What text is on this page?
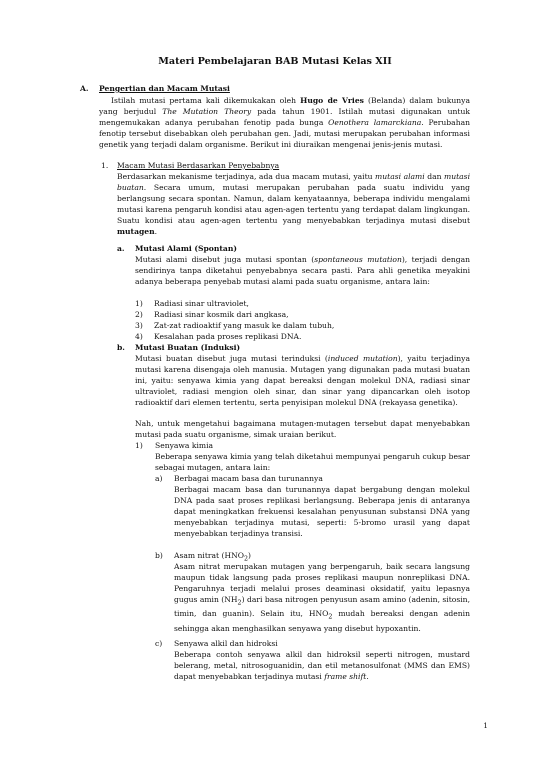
Materi Pembelajaran BAB Mutasi Kelas XII
A. Pengertian dan Macam Mutasi

Istilah mutasi pertama kali dikemukakan oleh Hugo de Vries (Belanda) dalam bukunya yang berjudul The Mutation Theory pada tahun 1901. Istilah mutasi digunakan untuk mengemukakan adanya perubahan fenotip pada bunga Oenothera lamarckiana. Perubahan fenotip tersebut disebabkan oleh perubahan gen. Jadi, mutasi merupakan perubahan informasi genetik yang terjadi dalam organisme. Berikut ini diuraikan mengenai jenis-jenis mutasi.

1. Macam Mutasi Berdasarkan Penyebabnya

Berdasarkan mekanisme terjadinya, ada dua macam mutasi, yaitu mutasi alami dan mutasi buatan. Secara umum, mutasi merupakan perubahan pada suatu individu yang berlangsung secara spontan. Namun, dalam kenyataannya, beberapa individu mengalami mutasi karena pengaruh kondisi atau agen-agen tertentu yang terdapat dalam lingkungan. Suatu kondisi atau agen-agen tertentu yang menyebabkan terjadinya mutasi disebut mutagen.

a. Mutasi Alami (Spontan)

Mutasi alami disebut juga mutasi spontan (spontaneous mutation), terjadi dengan sendirinya tanpa diketahui penyebabnya secara pasti. Para ahli genetika meyakini adanya beberapa penyebab mutasi alami pada suatu organisme, antara lain:

1) Radiasi sinar ultraviolet,
2) Radiasi sinar kosmik dari angkasa,
3) Zat-zat radioaktif yang masuk ke dalam tubuh,
4) Kesalahan pada proses replikasi DNA.
b. Mutasi Buatan (Induksi)

Mutasi buatan disebut juga mutasi terinduksi (induced mutation), yaitu terjadinya mutasi karena disengaja oleh manusia. Mutagen yang digunakan pada mutasi buatan ini, yaitu: senyawa kimia yang dapat bereaksi dengan molekul DNA, radiasi sinar ultraviolet, radiasi mengion oleh sinar, dan sinar yang dipancarkan oleh isotop radioaktif dari elemen tertentu, serta penyisipan molekul DNA (rekayasa genetika).

Nah, untuk mengetahui bagaimana mutagen-mutagen tersebut dapat menyebabkan mutasi pada suatu organisme, simak uraian berikut.

1) Senyawa kimia

Beberapa senyawa kimia yang telah diketahui mempunyai pengaruh cukup besar sebagai mutagen, antara lain:

a) Berbagai macam basa dan turunannya

Berbagai macam basa dan turunannya dapat bergabung dengan molekul DNA pada saat proses replikasi berlangsung. Beberapa jenis di antaranya dapat meningkatkan frekuensi kesalahan penyusunan substansi DNA yang menyebabkan terjadinya mutasi, seperti: 5-bromo urasil yang dapat menyebabkan terjadinya transisi.

b) Asam nitrat $(HNO_2)$

Asam nitrat merupakan mutagen yang berpengaruh, baik secara langsung maupun tidak langsung pada proses replikasi maupun nonreplikasi DNA. Pengaruhnya terjadi melalui proses deaminasi oksidatif, yaitu lepasnya gugus amin $(NH_2)$ dari basa nitrogen penyusun asam amino (adenin, sitosin, timin, dan guanin). Selain itu, $HNO_2$ mudah bereaksi dengan adenin sehingga akan menghasilkan senyawa yang disebut hypoxantin.

c) Senyawa alkil dan hidroksi

Beberapa contoh senyawa alkil dan hidroksil seperti nitrogen, mustard belerang, metal, nitrosoguanidin, dan etil metanosulfonat (MMS dan EMS) dapat menyebabkan terjadinya mutasi frame shift.

1
